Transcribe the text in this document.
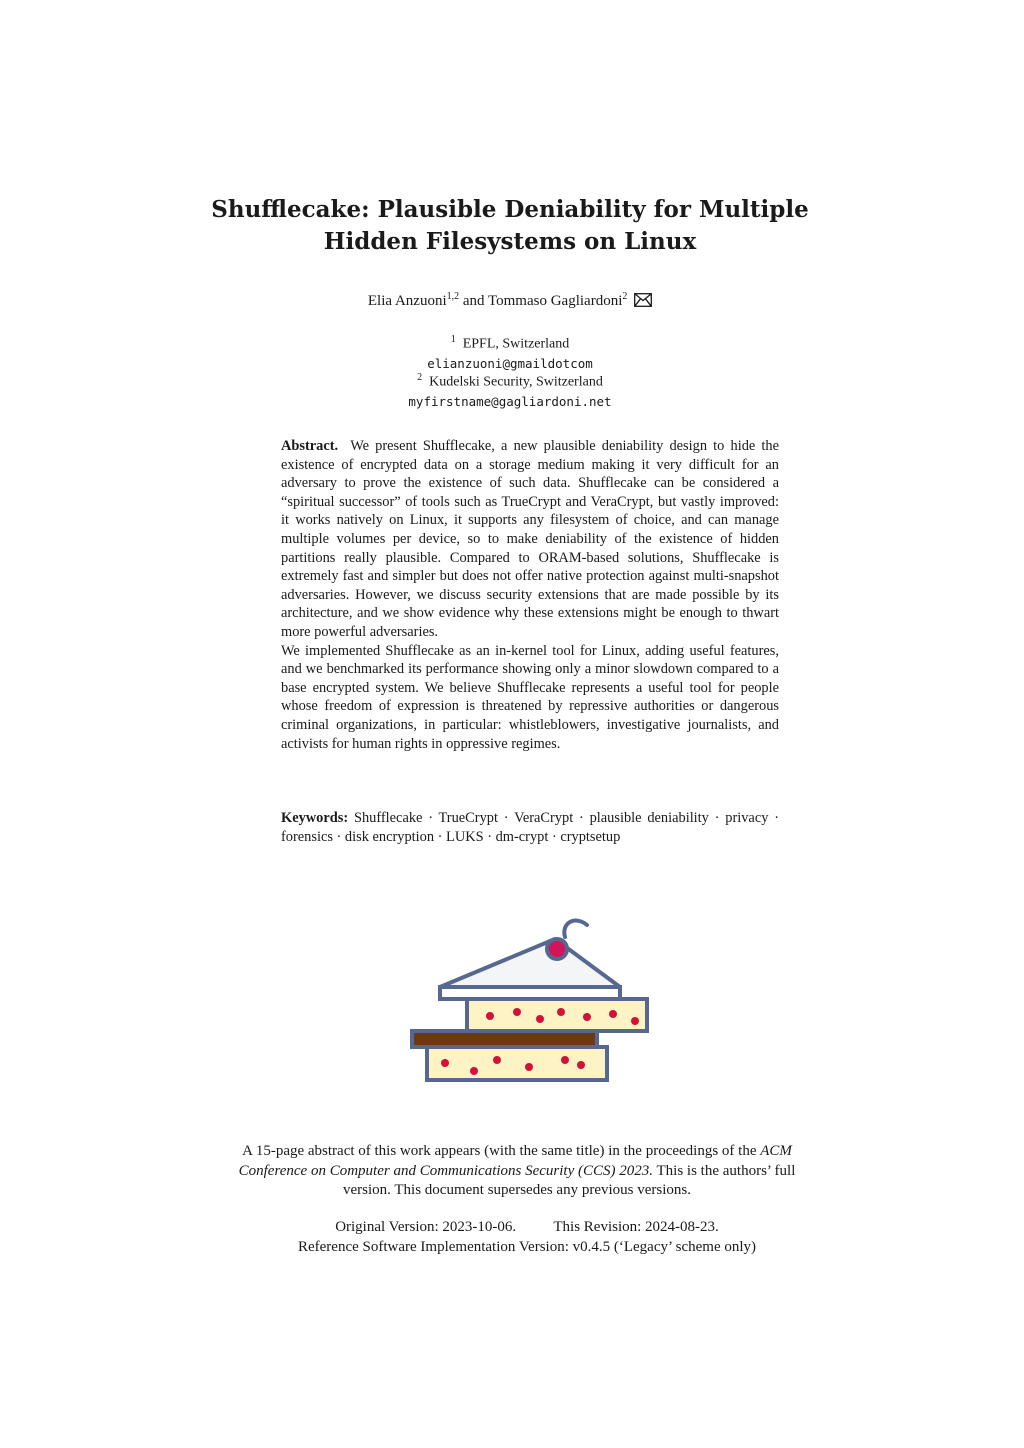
Shufflecake: Plausible Deniability for Multiple
Hidden Filesystems on Linux
Elia Anzuoni$^{1,2}$ and Tommaso Gagliardoni$^2$
$^1$ EPFL, Switzerland
elianzuoni@gmaildotcom
$^2$ Kudelski Security, Switzerland
myfirstname@gagliardoni.net

Abstract. We present Shufflecake, a new plausible deniability design to hide the existence of encrypted data on a storage medium making it very difficult for an adversary to prove the existence of such data. Shufflecake can be considered a “spiritual successor” of tools such as TrueCrypt and VeraCrypt, but vastly improved: it works natively on Linux, it supports any filesystem of choice, and can manage multiple volumes per device, so to make deniability of the existence of hidden partitions really plausible. Compared to ORAM-based solutions, Shufflecake is extremely fast and simpler but does not offer native protection against multi-snapshot adversaries. However, we discuss security extensions that are made possible by its architecture, and we show evidence why these extensions might be enough to thwart more powerful adversaries.

We implemented Shufflecake as an in-kernel tool for Linux, adding useful features, and we benchmarked its performance showing only a minor slowdown compared to a base encrypted system. We believe Shufflecake represents a useful tool for people whose freedom of expression is threatened by repressive authorities or dangerous criminal organizations, in particular: whistleblowers, investigative journalists, and activists for human rights in oppressive regimes.

Keywords: Shufflecake · TrueCrypt · VeraCrypt · plausible deniability · privacy · forensics · disk encryption · LUKS · dm-crypt · cryptsetup
A 15-page abstract of this work appears (with the same title) in the proceedings of the ACM Conference on Computer and Communications Security (CCS) 2023. This is the authors’ full version. This document supersedes any previous versions.
Original Version: 2023-10-06. This Revision: 2024-08-23.
Reference Software Implementation Version: v0.4.5 (‘Legacy’ scheme only)
